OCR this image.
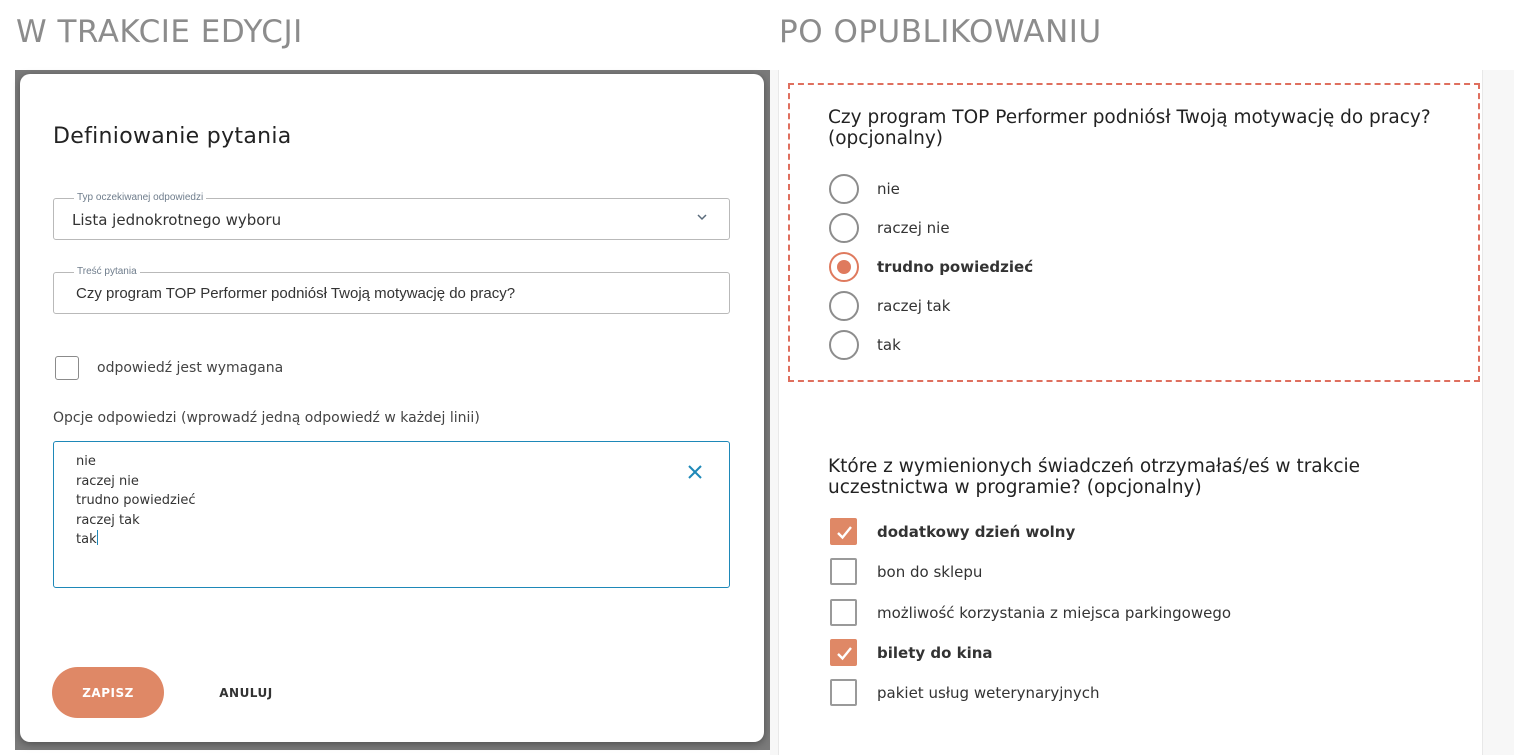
W TRAKCIE EDYCJI	PO OPUBLIKOWANIU
Definiowanie pytania
Typ oczekiwanej odpowiedzi
Lista jednokrotnego wyboru
Treść pytania
Czy program TOP Performer podniósł Twoją motywację do pracy?
odpowiedź jest wymagana
Opcje odpowiedzi (wprowadź jedną odpowiedź w każdej linii)
nie
raczej nie
trudno powiedzieć
raczej tak
tak
ZAPISZ	ANULUJ
Czy program TOP Performer podniósł Twoją motywację do pracy? (opcjonalny)
nie
raczej nie
trudno powiedzieć
raczej tak
tak
Które z wymienionych świadczeń otrzymałaś/eś w trakcie uczestnictwa w programie? (opcjonalny)
dodatkowy dzień wolny
bon do sklepu
możliwość korzystania z miejsca parkingowego
bilety do kina
pakiet usług weterynaryjnych
